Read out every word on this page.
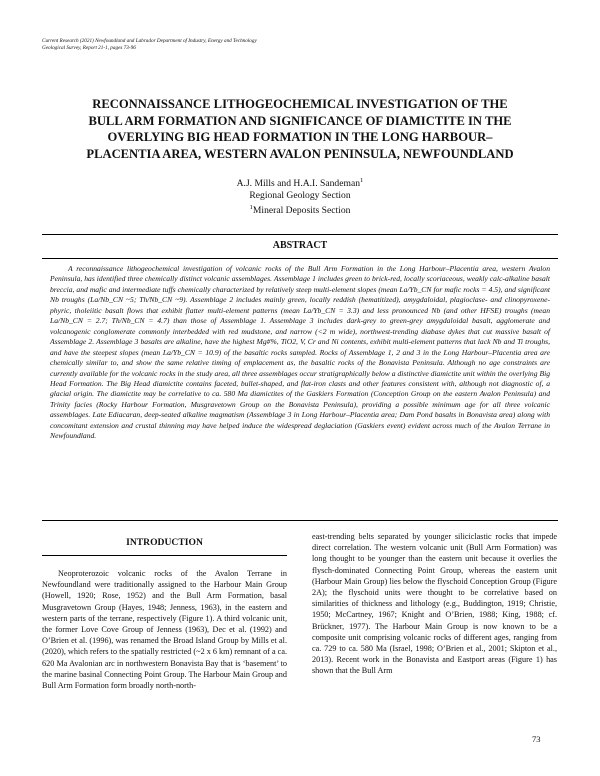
Current Research (2021) Newfoundland and Labrador Department of Industry, Energy and Technology
Geological Survey, Report 21-1, pages 73-96
RECONNAISSANCE LITHOGEOCHEMICAL INVESTIGATION OF THE
BULL ARM FORMATION AND SIGNIFICANCE OF DIAMICTITE IN THE
OVERLYING BIG HEAD FORMATION IN THE LONG HARBOUR–
PLACENTIA AREA, WESTERN AVALON PENINSULA, NEWFOUNDLAND
A.J. Mills and H.A.I. Sandeman$^1$
Regional Geology Section
$^1$Mineral Deposits Section
ABSTRACT

A reconnaissance lithogeochemical investigation of volcanic rocks of the Bull Arm Formation in the Long Harbour–Placentia area, western Avalon Peninsula, has identified three chemically distinct volcanic assemblages. Assemblage 1 includes green to brick-red, locally scoriaceous, weakly calc-alkaline basalt breccia, and mafic and intermediate tuffs chemically characterized by relatively steep multi-element slopes (mean La/Yb_CN for mafic rocks = 4.5), and significant Nb troughs (La/Nb_CN ~5; Th/Nb_CN ~9). Assemblage 2 includes mainly green, locally reddish (hematitized), amygdaloidal, plagioclase- and clinopyroxene-phyric, tholeiitic basalt flows that exhibit flatter multi-element patterns (mean La/Yb_CN = 3.3) and less pronounced Nb (and other HFSE) troughs (mean La/Nb_CN = 2.7; Th/Nb_CN = 4.7) than those of Assemblage 1. Assemblage 3 includes dark-grey to green-grey amygdaloidal basalt, agglomerate and volcanogenic conglomerate commonly interbedded with red mudstone, and narrow (<2 m wide), northwest-trending diabase dykes that cut massive basalt of Assemblage 2. Assemblage 3 basalts are alkaline, have the highest Mg#%, TiO2, V, Cr and Ni contents, exhibit multi-element patterns that lack Nb and Ti troughs, and have the steepest slopes (mean La/Yb_CN = 10.9) of the basaltic rocks sampled. Rocks of Assemblage 1, 2 and 3 in the Long Harbour–Placentia area are chemically similar to, and show the same relative timing of emplacement as, the basaltic rocks of the Bonavista Peninsula. Although no age constraints are currently available for the volcanic rocks in the study area, all three assemblages occur stratigraphically below a distinctive diamictite unit within the overlying Big Head Formation. The Big Head diamictite contains faceted, bullet-shaped, and flat-iron clasts and other features consistent with, although not diagnostic of, a glacial origin. The diamictite may be correlative to ca. 580 Ma diamictites of the Gaskiers Formation (Conception Group on the eastern Avalon Peninsula) and Trinity facies (Rocky Harbour Formation, Musgravetown Group on the Bonavista Peninsula), providing a possible minimum age for all three volcanic assemblages. Late Ediacaran, deep-seated alkaline magmatism (Assemblage 3 in Long Harbour–Placentia area; Dam Pond basalts in Bonavista area) along with concomitant extension and crustal thinning may have helped induce the widespread deglaciation (Gaskiers event) evident across much of the Avalon Terrane in Newfoundland.

INTRODUCTION

Neoproterozoic volcanic rocks of the Avalon Terrane in Newfoundland were traditionally assigned to the Harbour Main Group (Howell, 1920; Rose, 1952) and the Bull Arm Formation, basal Musgravetown Group (Hayes, 1948; Jenness, 1963), in the eastern and western parts of the terrane, respectively (Figure 1). A third volcanic unit, the former Love Cove Group of Jenness (1963), Dec et al. (1992) and O’Brien et al. (1996), was renamed the Broad Island Group by Mills et al. (2020), which refers to the spatially restricted (~2 x 6 km) remnant of a ca. 620 Ma Avalonian arc in northwestern Bonavista Bay that is ‘basement’ to the marine basinal Connecting Point Group. The Harbour Main Group and Bull Arm Formation form broadly north-north-

east-trending belts separated by younger siliciclastic rocks that impede direct correlation. The western volcanic unit (Bull Arm Formation) was long thought to be younger than the eastern unit because it overlies the flysch-dominated Connecting Point Group, whereas the eastern unit (Harbour Main Group) lies below the flyschoid Conception Group (Figure 2A); the flyschoid units were thought to be correlative based on similarities of thickness and lithology (e.g., Buddington, 1919; Christie, 1950; McCartney, 1967; Knight and O’Brien, 1988; King, 1988; cf. Brückner, 1977). The Harbour Main Group is now known to be a composite unit comprising volcanic rocks of different ages, ranging from ca. 729 to ca. 580 Ma (Israel, 1998; O’Brien et al., 2001; Skipton et al., 2013). Recent work in the Bonavista and Eastport areas (Figure 1) has shown that the Bull Arm

73
